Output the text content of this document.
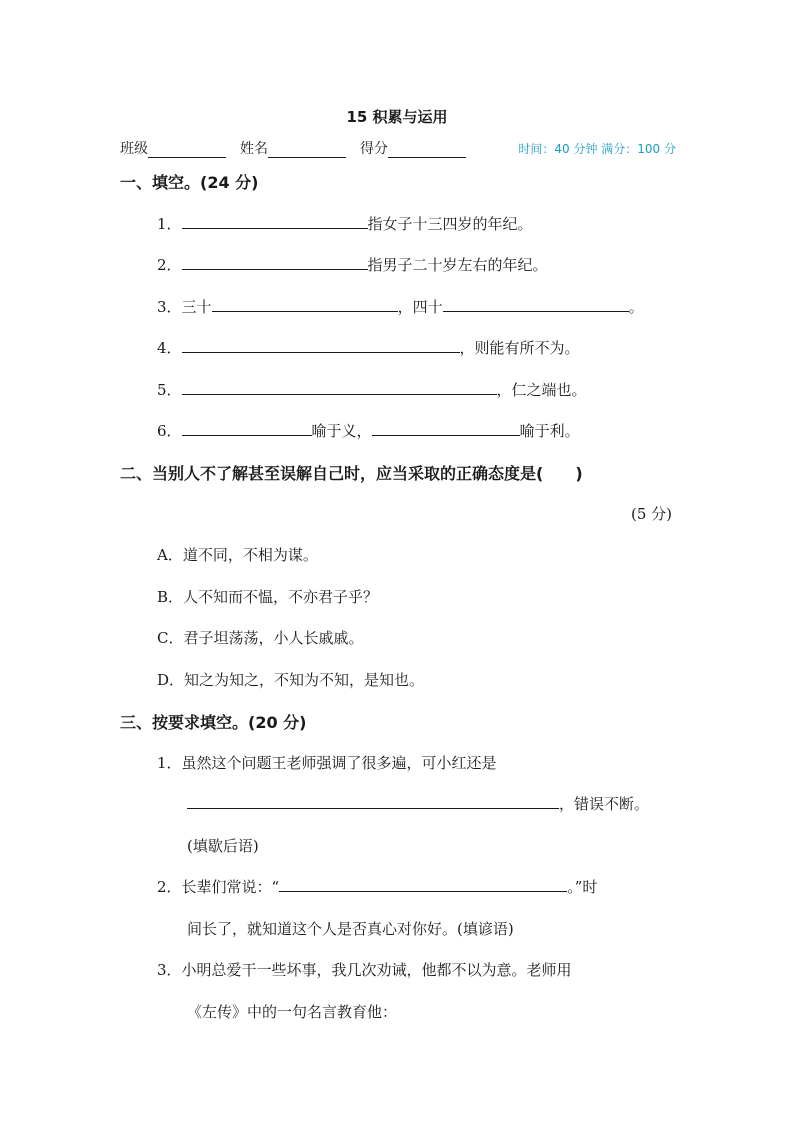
15 积累与运用
班级	姓名	得分	时间：40 分钟 满分：100 分
一、填空。(24 分)
1．	指女子十三四岁的年纪。
2．	指男子二十岁左右的年纪。
3．三十	，四十	。
4．	，则能有所不为。
5．	，仁之端也。
6．	喻于义，	喻于利。
二、当别人不了解甚至误解自己时，应当采取的正确态度是(　　)
(5 分)
A．道不同，不相为谋。
B．人不知而不愠，不亦君子乎？
C．君子坦荡荡，小人长戚戚。
D．知之为知之，不知为不知，是知也。
三、按要求填空。(20 分)
1．虽然这个问题王老师强调了很多遍，可小红还是
，错误不断。
(填歇后语)
2．长辈们常说：“	。”时
间长了，就知道这个人是否真心对你好。(填谚语)
3．小明总爱干一些坏事，我几次劝诫，他都不以为意。老师用
《左传》中的一句名言教育他：
